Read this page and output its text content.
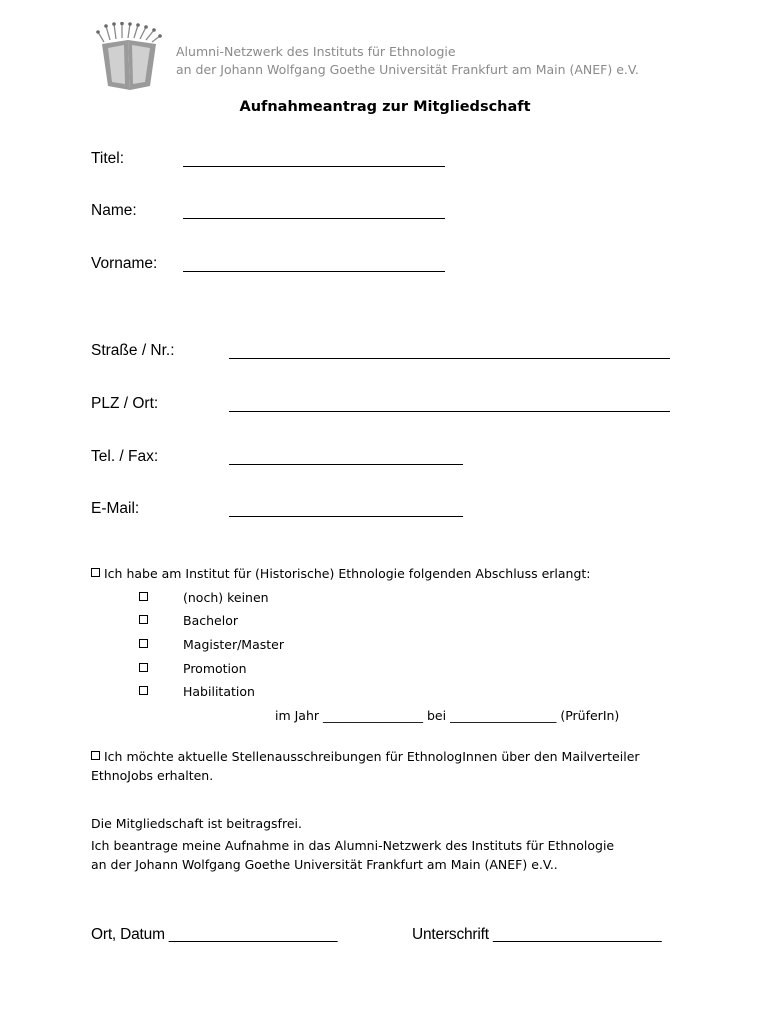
Alumni-Netzwerk des Instituts für Ethnologie
an der Johann Wolfgang Goethe Universität Frankfurt am Main (ANEF) e.V.
Aufnahmeantrag zur Mitgliedschaft
Titel:
Name:
Vorname:
Straße / Nr.:
PLZ / Ort:
Tel. / Fax:
E-Mail:
Ich habe am Institut für (Historische) Ethnologie folgenden Abschluss erlangt:
(noch) keinen
Bachelor
Magister/Master
Promotion
Habilitation
im Jahr ________________ bei _________________ (PrüferIn)
Ich möchte aktuelle Stellenausschreibungen für EthnologInnen über den Mailverteiler
EthnoJobs erhalten.
Die Mitgliedschaft ist beitragsfrei.
Ich beantrage meine Aufnahme in das Alumni-Netzwerk des Instituts für Ethnologie
an der Johann Wolfgang Goethe Universität Frankfurt am Main (ANEF) e.V..
Ort, Datum ____________________	Unterschrift ____________________
